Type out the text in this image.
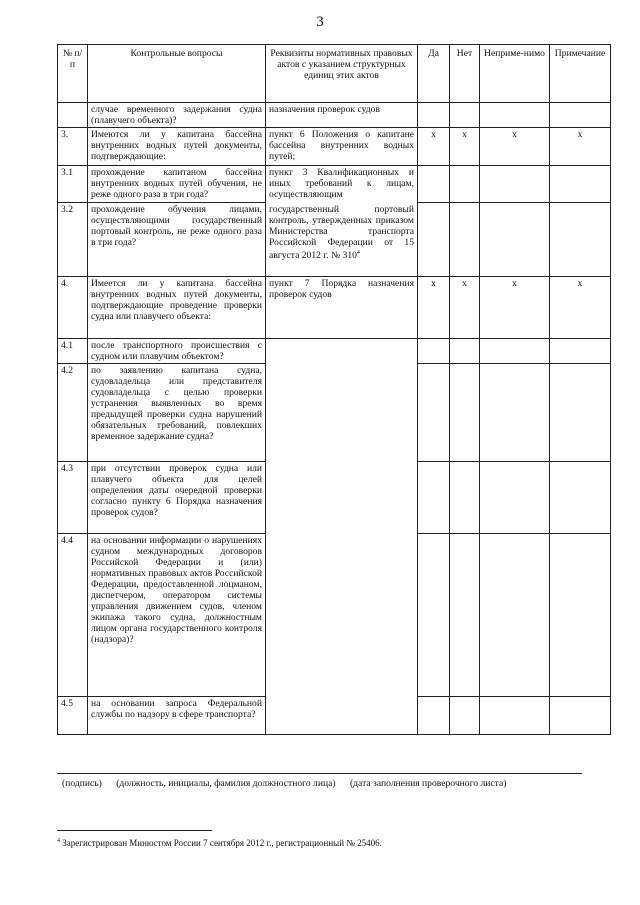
3
№ п/п	Контрольные вопросы	Реквизиты нормативных правовых актов с указанием структурных единиц этих актов	Да	Нет	Неприме-нимо	Примечание
	случае временного задержания судна (плавучего объекта)?	назначения проверок судов				
3.	Имеются ли у капитана бассейна внутренних водных путей документы, подтверждающие:	пункт 6 Положения о капитане бассейна внутренних водных путей;	x	x	x	x
3.1	прохождение капитаном бассейна внутренних водных путей обучения, не реже одного раза в три года?	пункт 3 Квалификационных и иных требований к лицам, осуществляющим				
3.2	прохождение обучения лицами, осуществляющими государственный портовый контроль, не реже одного раза в три года?	государственный портовый контроль, утвержденных приказом Министерства транспорта Российской Федерации от 15 августа 2012 г. № $310^4$				
4.	Имеется ли у капитана бассейна внутренних водных путей документы, подтверждающие проведение проверки судна или плавучего объекта:	пункт 7 Порядка назначения проверок судов	x	x	x	x
4.1	после транспортного происшествия с судном или плавучим объектом?					
4.2	по заявлению капитана судна, судовладельца или представителя судовладельца с целью проверки устранения выявленных во время предыдущей проверки судна нарушений обязательных требований, повлекших временное задержание судна?					
4.3	при отсутствии проверок судна или плавучего объекта для целей определения даты очередной проверки согласно пункту 6 Порядка назначения проверок судов?					
4.4	на основании информации о нарушениях судном международных договоров Российской Федерации и (или) нормативных правовых актов Российской Федерации, предоставленной лоцманом, диспетчером, оператором системы управления движением судов, членом экипажа такого судна, должностным лицом органа государственного контроля (надзора)?					
4.5	на основании запроса Федеральной службы по надзору в сфере транспорта?					
(подпись) (должность, инициалы, фамилия должностного лица) (дата заполнения проверочного листа)
$^4$ Зарегистрирован Минюстом России 7 сентября 2012 г., регистрационный № 25406.
